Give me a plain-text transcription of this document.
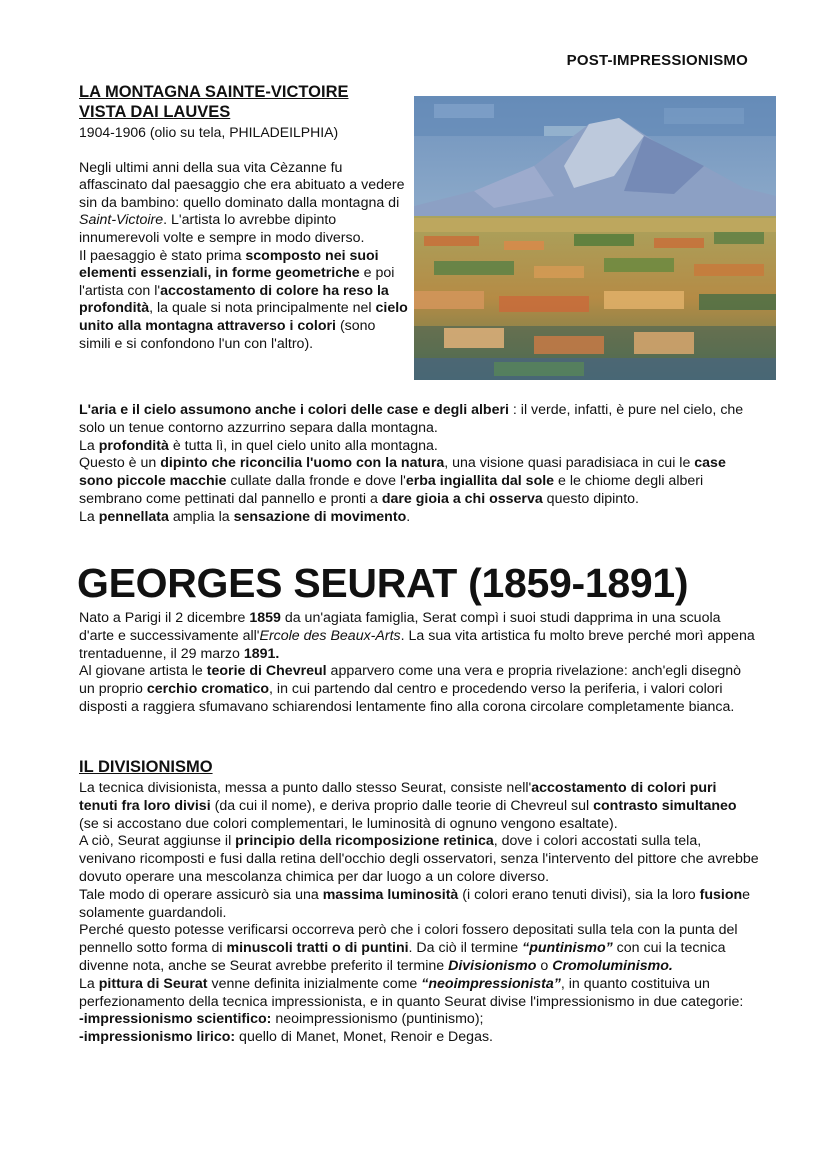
POST-IMPRESSIONISMO
LA MONTAGNA SAINTE-VICTOIRE
VISTA DAI LAUVES
1904-1906 (olio su tela, PHILADEILPHIA)

Negli ultimi anni della sua vita Cèzanne fu affascinato dal paesaggio che era abituato a vedere sin da bambino: quello dominato dalla montagna di Saint-Victoire. L'artista lo avrebbe dipinto innumerevoli volte e sempre in modo diverso.

Il paesaggio è stato prima scomposto nei suoi elementi essenziali, in forme geometriche e poi l'artista con l'accostamento di colore ha reso la profondità, la quale si nota principalmente nel cielo unito alla montagna attraverso i colori (sono simili e si confondono l'un con l'altro).

L'aria e il cielo assumono anche i colori delle case e degli alberi : il verde, infatti, è pure nel cielo, che solo un tenue contorno azzurrino separa dalla montagna.

La profondità è tutta lì, in quel cielo unito alla montagna.

Questo è un dipinto che riconcilia l'uomo con la natura, una visione quasi paradisiaca in cui le case sono piccole macchie cullate dalla fronde e dove l'erba ingiallita dal sole e le chiome degli alberi sembrano come pettinati dal pannello e pronti a dare gioia a chi osserva questo dipinto.

La pennellata amplia la sensazione di movimento.

GEORGES SEURAT (1859-1891)

Nato a Parigi il 2 dicembre 1859 da un'agiata famiglia, Serat compì i suoi studi dapprima in una scuola d'arte e successivamente all'Ercole des Beaux-Arts. La sua vita artistica fu molto breve perché morì appena trentaduenne, il 29 marzo 1891.

Al giovane artista le teorie di Chevreul apparvero come una vera e propria rivelazione: anch'egli disegnò un proprio cerchio cromatico, in cui partendo dal centro e procedendo verso la periferia, i valori colori disposti a raggiera sfumavano schiarendosi lentamente fino alla corona circolare completamente bianca.

IL DIVISIONISMO

La tecnica divisionista, messa a punto dallo stesso Seurat, consiste nell'accostamento di colori puri tenuti fra loro divisi (da cui il nome), e deriva proprio dalle teorie di Chevreul sul contrasto simultaneo (se si accostano due colori complementari, le luminosità di ognuno vengono esaltate).

A ciò, Seurat aggiunse il principio della ricomposizione retinica, dove i colori accostati sulla tela, venivano ricomposti e fusi dalla retina dell'occhio degli osservatori, senza l'intervento del pittore che avrebbe dovuto operare una mescolanza chimica per dar luogo a un colore diverso.

Tale modo di operare assicurò sia una massima luminosità (i colori erano tenuti divisi), sia la loro fusione solamente guardandoli.

Perché questo potesse verificarsi occorreva però che i colori fossero depositati sulla tela con la punta del pennello sotto forma di minuscoli tratti o di puntini. Da ciò il termine “puntinismo” con cui la tecnica divenne nota, anche se Seurat avrebbe preferito il termine Divisionismo o Cromoluminismo.

La pittura di Seurat venne definita inizialmente come “neoimpressionista”, in quanto costituiva un perfezionamento della tecnica impressionista, e in quanto Seurat divise l'impressionismo in due categorie:

-impressionismo scientifico: neoimpressionismo (puntinismo);

-impressionismo lirico: quello di Manet, Monet, Renoir e Degas.
